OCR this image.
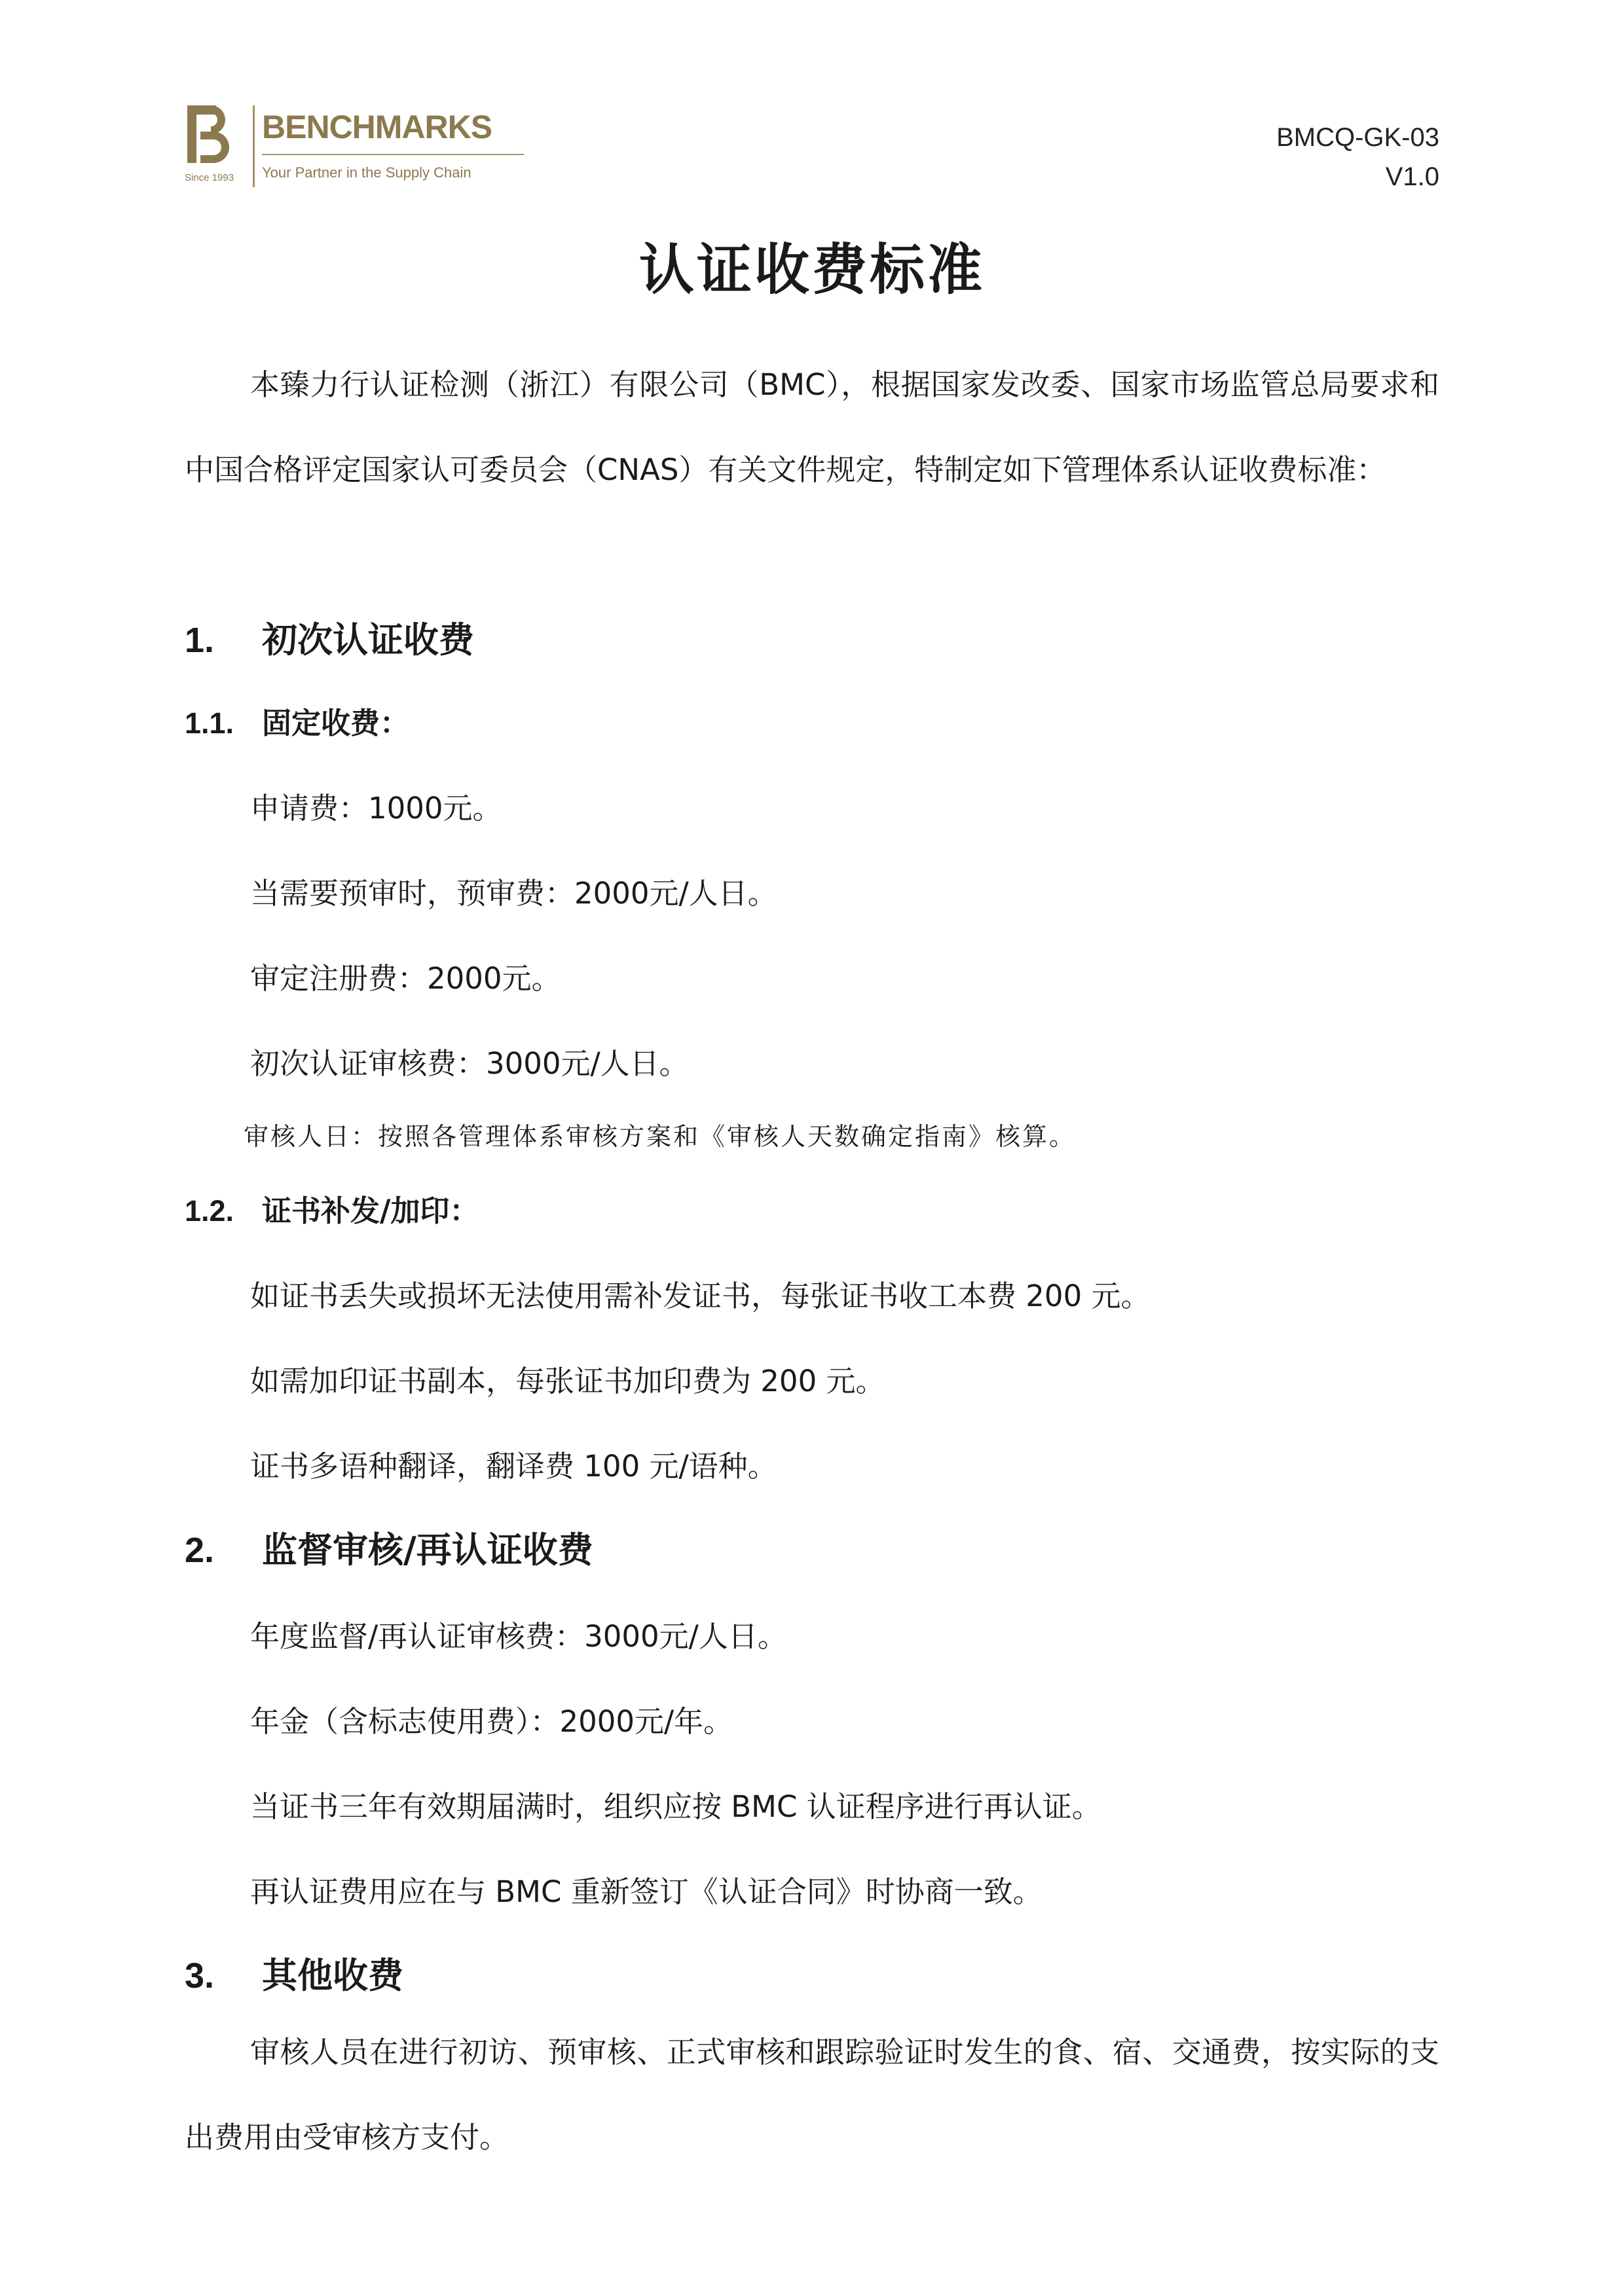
Since 1993
BENCHMARKS
Your Partner in the Supply Chain
BMCQ-GK-03
V1.0
认证收费标准
本臻力行认证检测（浙江）有限公司（BMC），根据国家发改委、国家市场监管总局要求和中国合格评定国家认可委员会（CNAS）有关文件规定，特制定如下管理体系认证收费标准：
1. 初次认证收费
1.1. 固定收费：
申请费：1000元。
当需要预审时，预审费：2000元/人日。
审定注册费：2000元。
初次认证审核费：3000元/人日。
审核人日：按照各管理体系审核方案和《审核人天数确定指南》核算。
1.2. 证书补发/加印：
如证书丢失或损坏无法使用需补发证书，每张证书收工本费 200 元。
如需加印证书副本，每张证书加印费为 200 元。
证书多语种翻译，翻译费 100 元/语种。
2. 监督审核/再认证收费
年度监督/再认证审核费：3000元/人日。
年金（含标志使用费）：2000元/年。
当证书三年有效期届满时，组织应按 BMC 认证程序进行再认证。
再认证费用应在与 BMC 重新签订《认证合同》时协商一致。
3. 其他收费
审核人员在进行初访、预审核、正式审核和跟踪验证时发生的食、宿、交通费，按实际的支出费用由受审核方支付。
